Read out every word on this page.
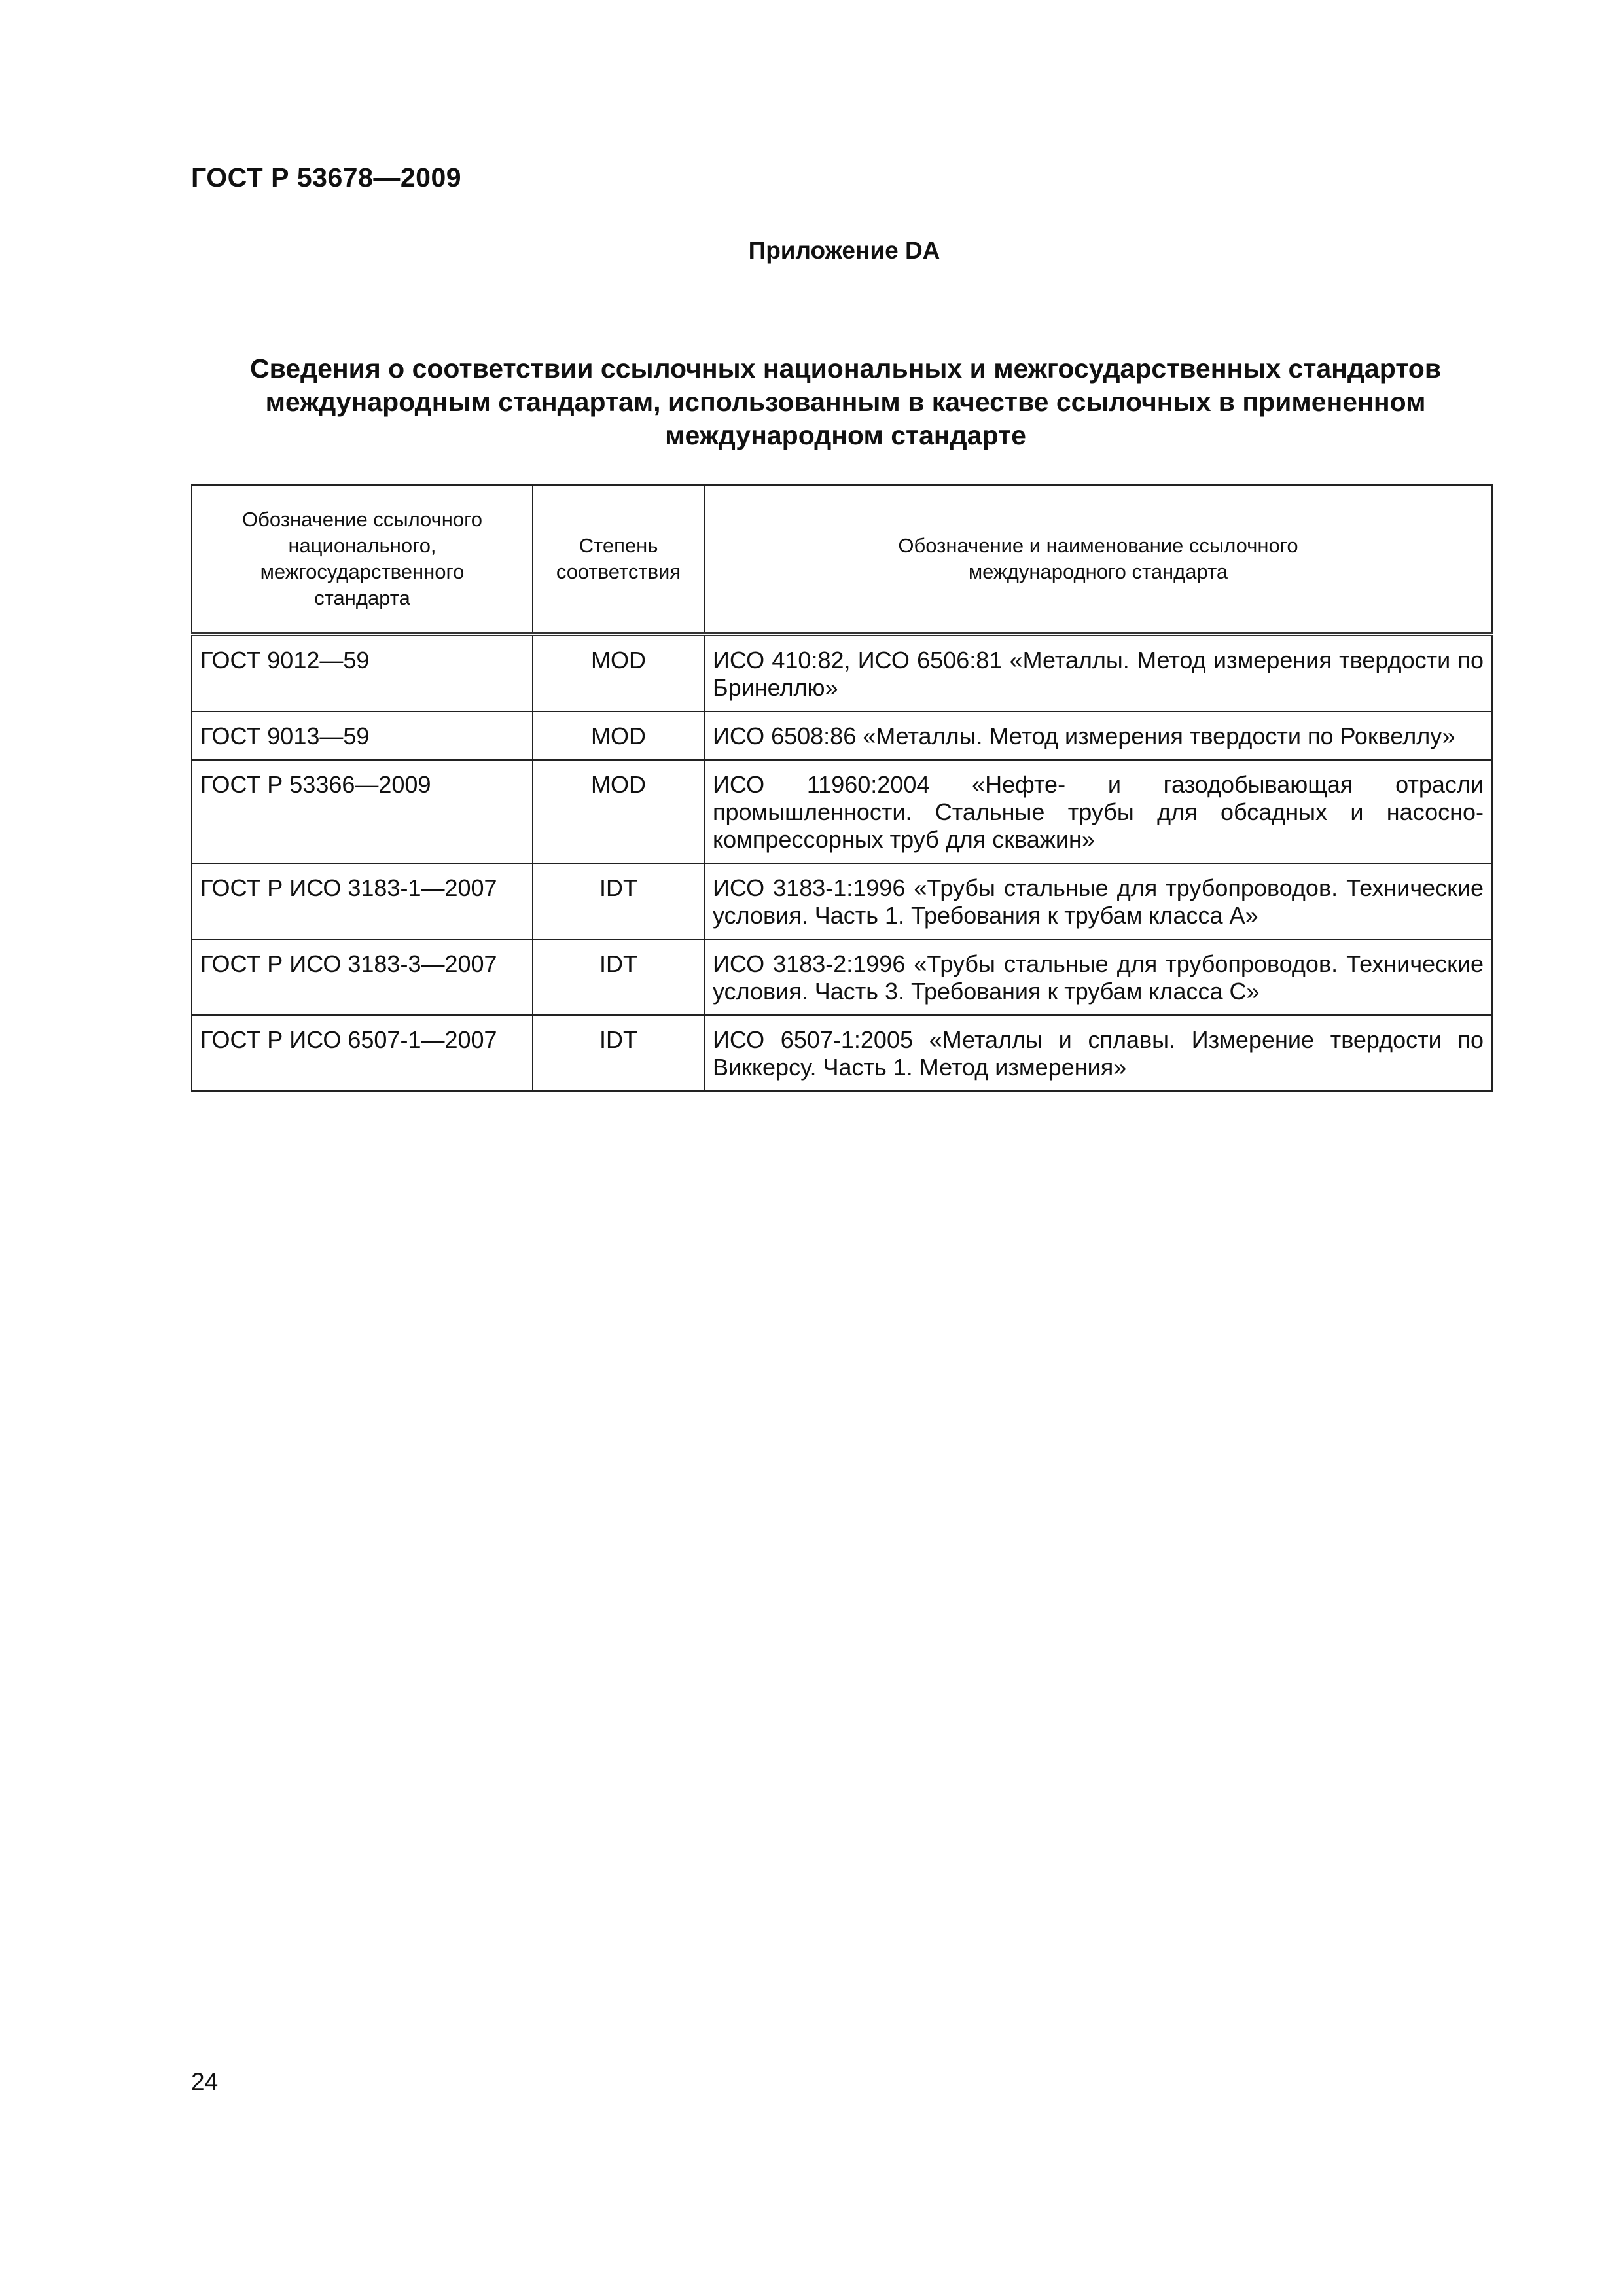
ГОСТ Р 53678—2009
Приложение DA
Сведения о соответствии ссылочных национальных и межгосударственных стандартов
международным стандартам, использованным в качестве ссылочных в примененном
международном стандарте
Обозначение ссылочного национального, межгосударственного стандарта	Степень соответствия	Обозначение и наименование ссылочного международного стандарта

ГОСТ 9012—59	MOD	ИСО 410:82, ИСО 6506:81 «Металлы. Метод измерения твердости по Бринеллю»
ГОСТ 9013—59	MOD	ИСО 6508:86 «Металлы. Метод измерения твердости по Роквеллу»
ГОСТ Р 53366—2009	MOD	ИСО 11960:2004 «Нефте- и газодобывающая отрасли промышленности. Стальные трубы для обсадных и насосно-компрессорных труб для скважин»
ГОСТ Р ИСО 3183-1—2007	IDT	ИСО 3183-1:1996 «Трубы стальные для трубопроводов. Технические условия. Часть 1. Требования к трубам класса А»
ГОСТ Р ИСО 3183-3—2007	IDT	ИСО 3183-2:1996 «Трубы стальные для трубопроводов. Технические условия. Часть 3. Требования к трубам класса С»
ГОСТ Р ИСО 6507-1—2007	IDT	ИСО 6507-1:2005 «Металлы и сплавы. Измерение твердости по Виккерсу. Часть 1. Метод измерения»
24
